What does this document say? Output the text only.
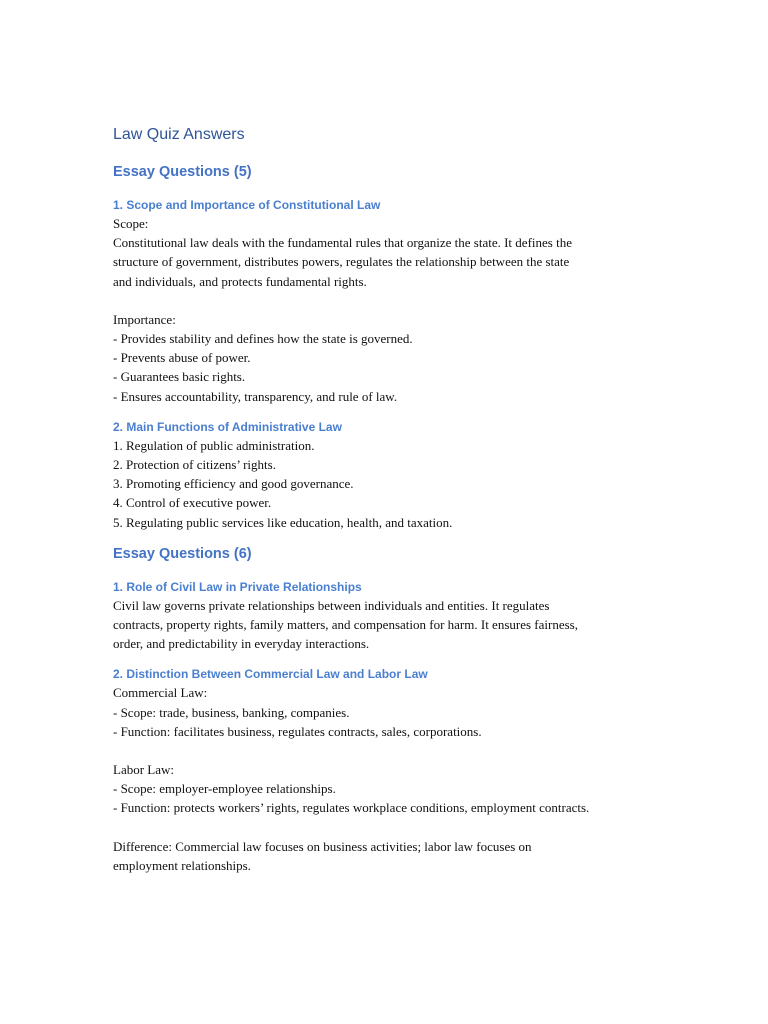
Law Quiz Answers
Essay Questions (5)
1. Scope and Importance of Constitutional Law

Scope:

Constitutional law deals with the fundamental rules that organize the state. It defines the

structure of government, distributes powers, regulates the relationship between the state

and individuals, and protects fundamental rights.

Importance:

- Provides stability and defines how the state is governed.

- Prevents abuse of power.

- Guarantees basic rights.

- Ensures accountability, transparency, and rule of law.

2. Main Functions of Administrative Law

1. Regulation of public administration.

2. Protection of citizens’ rights.

3. Promoting efficiency and good governance.

4. Control of executive power.

5. Regulating public services like education, health, and taxation.

Essay Questions (6)
1. Role of Civil Law in Private Relationships

Civil law governs private relationships between individuals and entities. It regulates

contracts, property rights, family matters, and compensation for harm. It ensures fairness,

order, and predictability in everyday interactions.

2. Distinction Between Commercial Law and Labor Law

Commercial Law:

- Scope: trade, business, banking, companies.

- Function: facilitates business, regulates contracts, sales, corporations.

Labor Law:

- Scope: employer-employee relationships.

- Function: protects workers’ rights, regulates workplace conditions, employment contracts.

Difference: Commercial law focuses on business activities; labor law focuses on

employment relationships.
